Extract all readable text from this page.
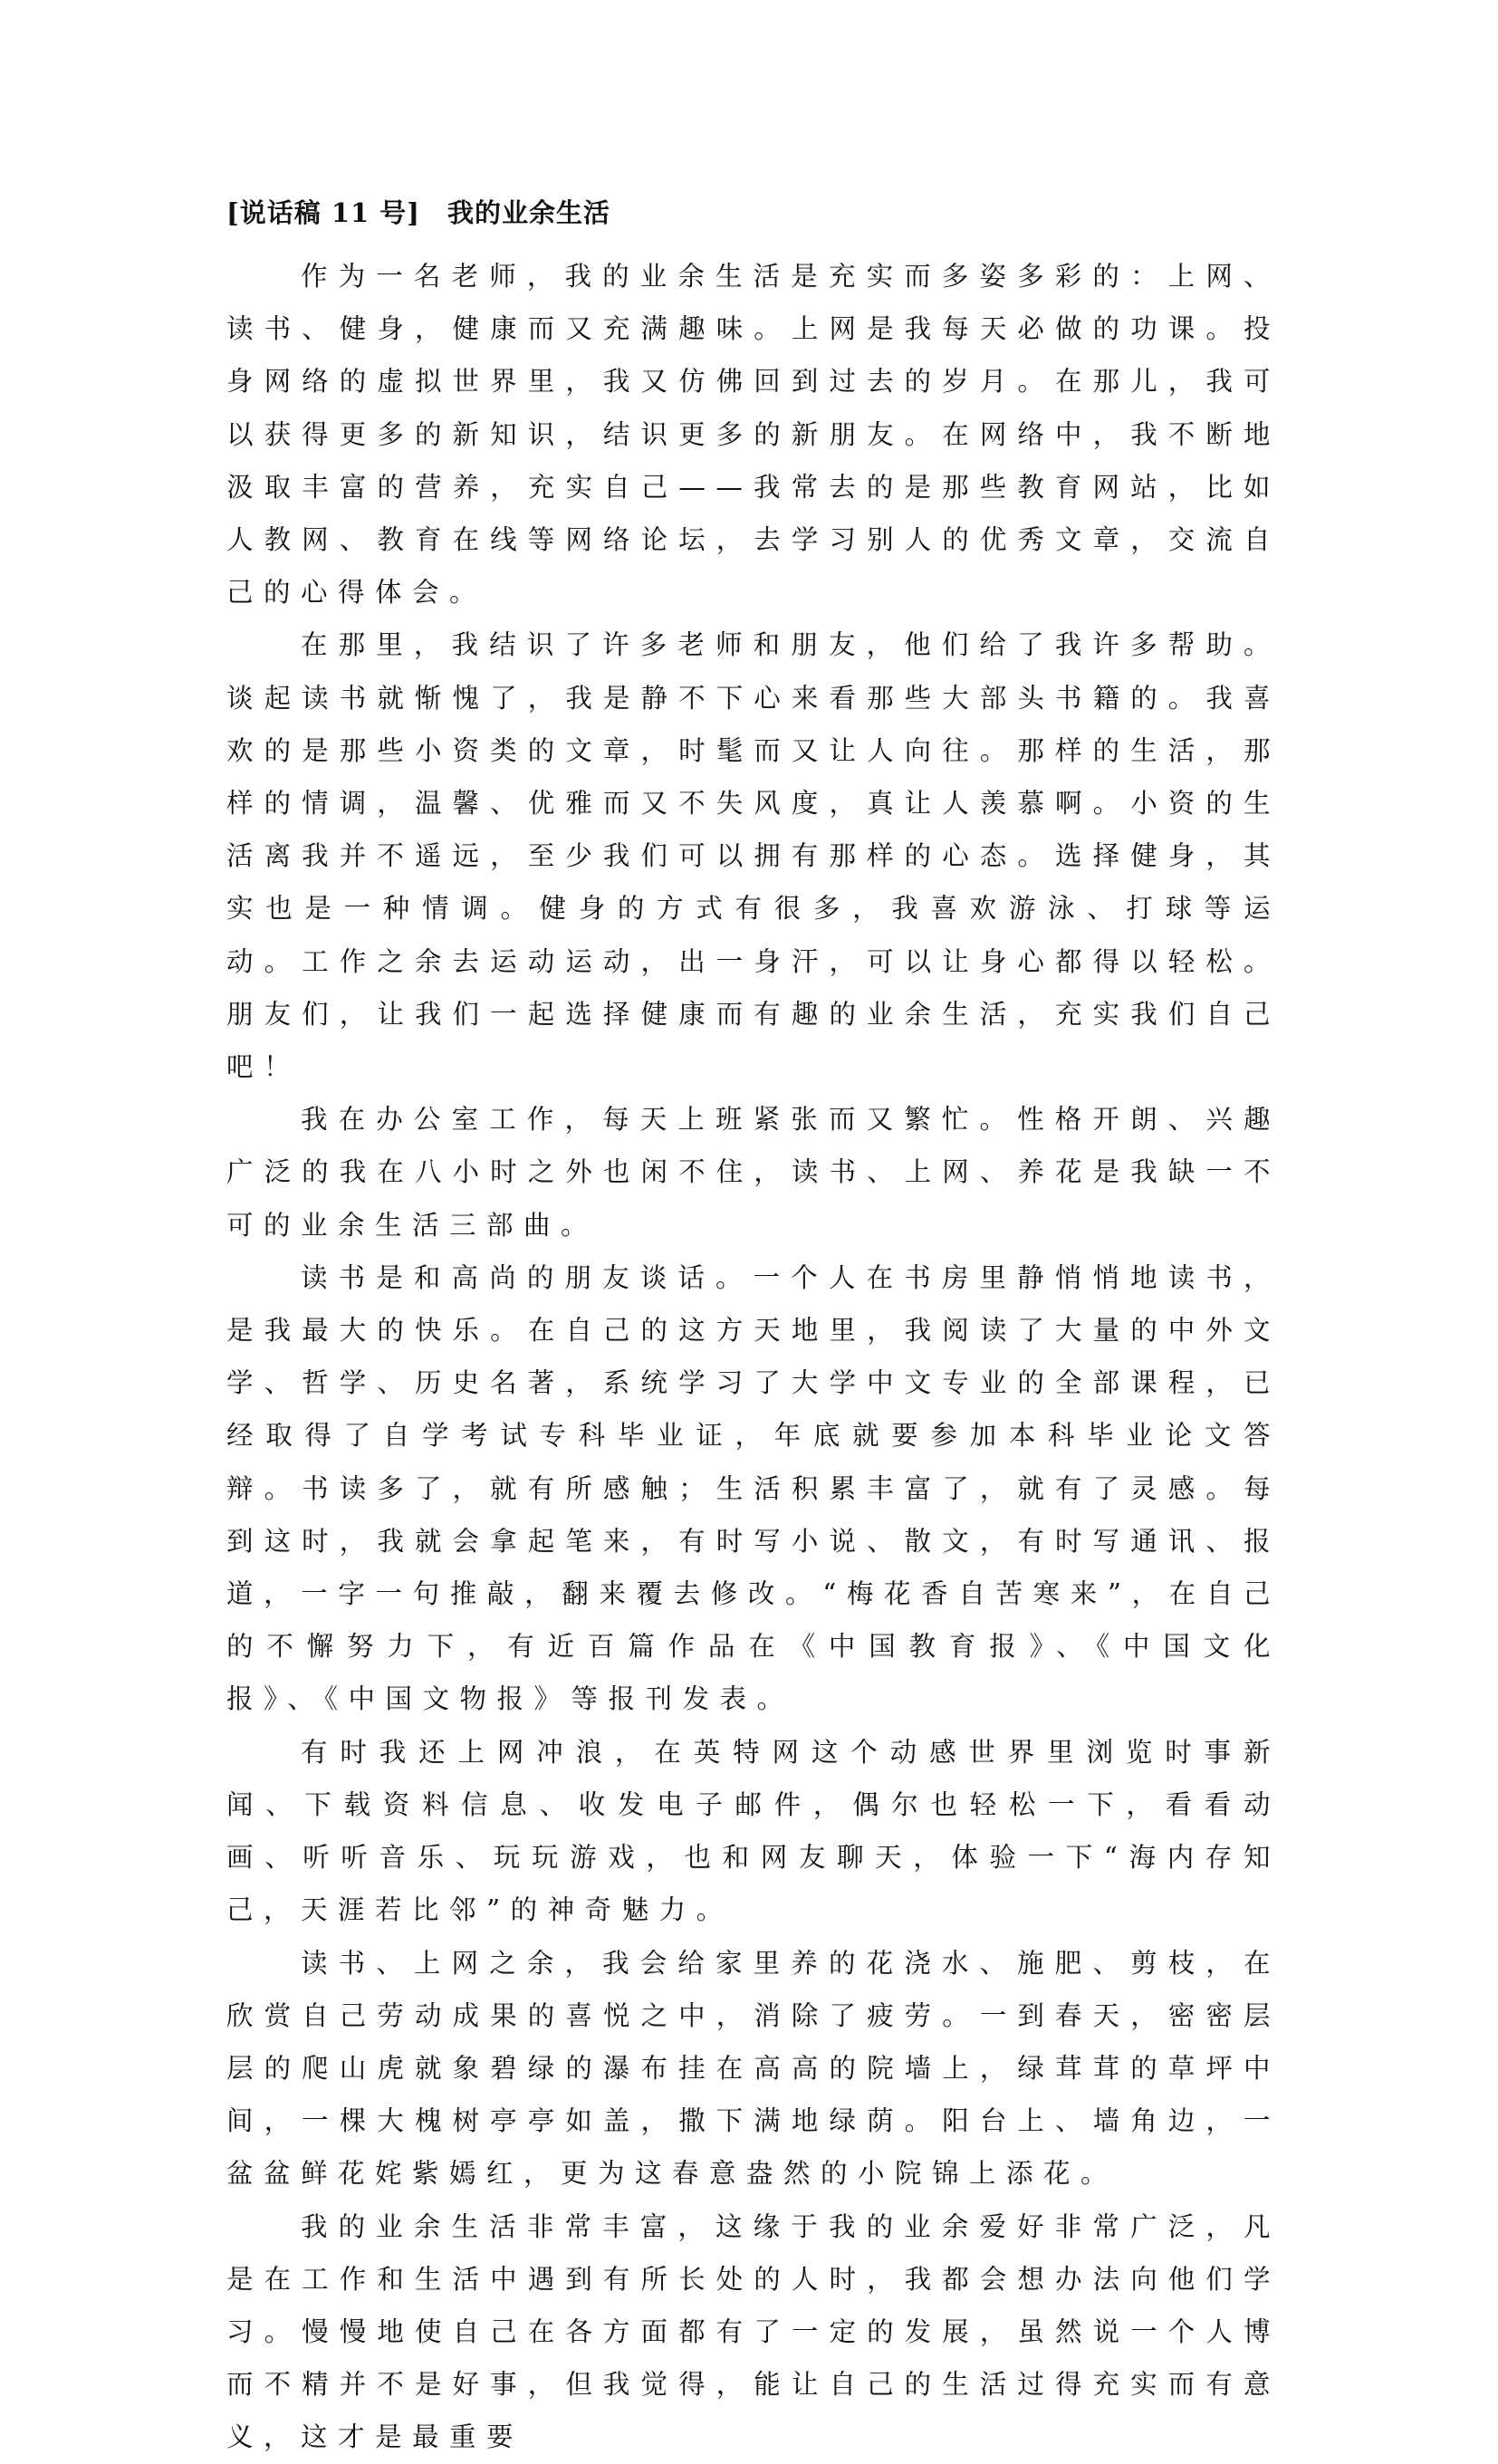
[说话稿 11 号] 我的业余生活

作为一名老师，我的业余生活是充实而多姿多彩的：上网、读书、健身，健康而又充满趣味。上网是我每天必做的功课。投身网络的虚拟世界里，我又仿佛回到过去的岁月。在那儿，我可以获得更多的新知识，结识更多的新朋友。在网络中，我不断地汲取丰富的营养，充实自己——我常去的是那些教育网站，比如人教网、教育在线等网络论坛，去学习别人的优秀文章，交流自己的心得体会。

在那里，我结识了许多老师和朋友，他们给了我许多帮助。谈起读书就惭愧了，我是静不下心来看那些大部头书籍的。我喜欢的是那些小资类的文章，时髦而又让人向往。那样的生活，那样的情调，温馨、优雅而又不失风度，真让人羡慕啊。小资的生活离我并不遥远，至少我们可以拥有那样的心态。选择健身，其实也是一种情调。健身的方式有很多，我喜欢游泳、打球等运动。工作之余去运动运动，出一身汗，可以让身心都得以轻松。朋友们，让我们一起选择健康而有趣的业余生活，充实我们自己吧！

我在办公室工作，每天上班紧张而又繁忙。性格开朗、兴趣广泛的我在八小时之外也闲不住，读书、上网、养花是我缺一不可的业余生活三部曲。

读书是和高尚的朋友谈话。一个人在书房里静悄悄地读书，是我最大的快乐。在自己的这方天地里，我阅读了大量的中外文学、哲学、历史名著，系统学习了大学中文专业的全部课程，已经取得了自学考试专科毕业证，年底就要参加本科毕业论文答辩。书读多了，就有所感触；生活积累丰富了，就有了灵感。每到这时，我就会拿起笔来，有时写小说、散文，有时写通讯、报道，一字一句推敲，翻来覆去修改。“梅花香自苦寒来”，在自己的不懈努力下，有近百篇作品在《中国教育报》、《中国文化报》、《中国文物报》等报刊发表。

有时我还上网冲浪，在英特网这个动感世界里浏览时事新闻、下载资料信息、收发电子邮件，偶尔也轻松一下，看看动画、听听音乐、玩玩游戏，也和网友聊天，体验一下“海内存知己，天涯若比邻”的神奇魅力。

读书、上网之余，我会给家里养的花浇水、施肥、剪枝，在欣赏自己劳动成果的喜悦之中，消除了疲劳。一到春天，密密层层的爬山虎就象碧绿的瀑布挂在高高的院墙上，绿茸茸的草坪中间，一棵大槐树亭亭如盖，撒下满地绿荫。阳台上、墙角边，一盆盆鲜花姹紫嫣红，更为这春意盎然的小院锦上添花。

我的业余生活非常丰富，这缘于我的业余爱好非常广泛，凡是在工作和生活中遇到有所长处的人时，我都会想办法向他们学习。慢慢地使自己在各方面都有了一定的发展，虽然说一个人博而不精并不是好事，但我觉得，能让自己的生活过得充实而有意义，这才是最重要
